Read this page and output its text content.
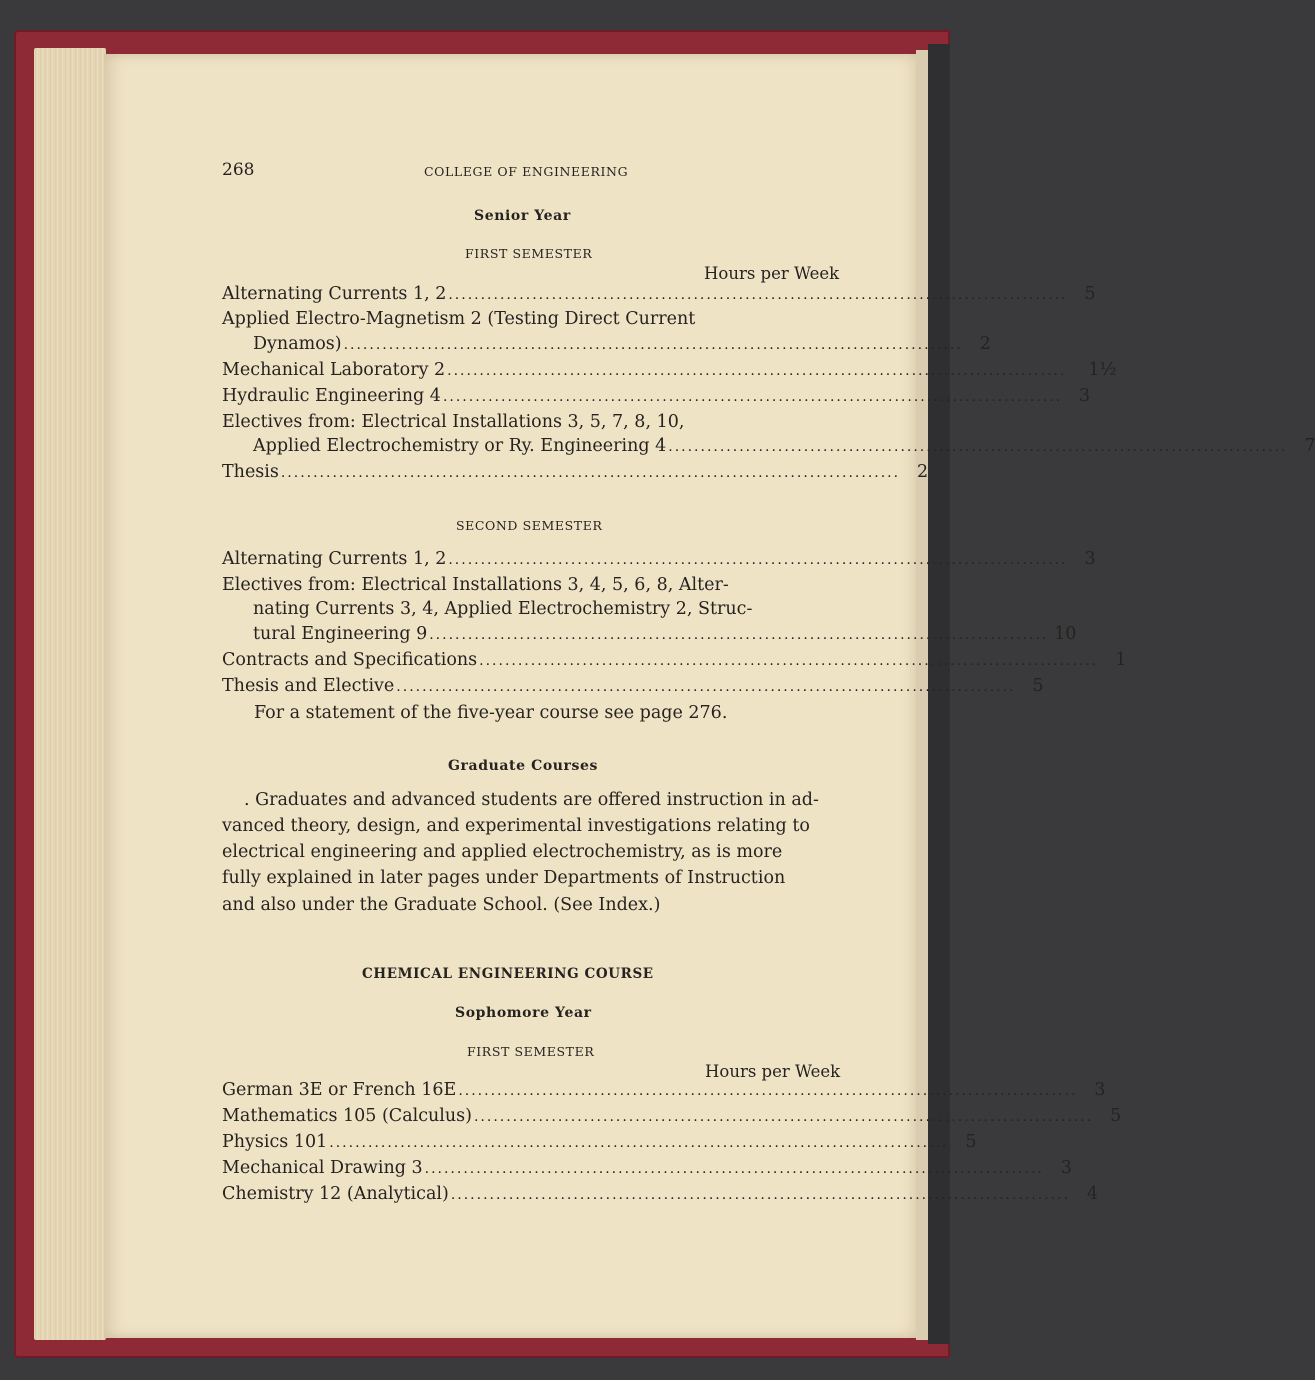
268	COLLEGE OF ENGINEERING
Senior Year
FIRST SEMESTER
Hours per Week
Alternating Currents 1, 2 ................................................................................................ 5
Applied Electro-Magnetism 2 (Testing Direct Current
Dynamos) ................................................................................................ 2
Mechanical Laboratory 2 ................................................................................................	1½
Hydraulic Engineering 4 ................................................................................................ 3
Electives from: Electrical Installations 3, 5, 7, 8, 10,
Applied Electrochemistry or Ry. Engineering 4 ................................................................................................ 7
Thesis ................................................................................................ 2
SECOND SEMESTER
Alternating Currents 1, 2 ................................................................................................ 3
Electives from: Electrical Installations 3, 4, 5, 6, 8, Alter-
nating Currents 3, 4, Applied Electrochemistry 2, Struc-
tural Engineering 9 ................................................................................................ 10
Contracts and Specifications ................................................................................................ 1
Thesis and Elective ................................................................................................ 5
For a statement of the five-year course see page 276.
Graduate Courses
. Graduates and advanced students are offered instruction in ad-
vanced theory, design, and experimental investigations relating to
electrical engineering and applied electrochemistry, as is more
fully explained in later pages under Departments of Instruction
and also under the Graduate School. (See Index.)
CHEMICAL ENGINEERING COURSE
Sophomore Year
FIRST SEMESTER
Hours per Week
German 3E or French 16E ................................................................................................ 3
Mathematics 105 (Calculus) ................................................................................................ 5
Physics 101 ................................................................................................ 5
Mechanical Drawing 3 ................................................................................................ 3
Chemistry 12 (Analytical) ................................................................................................ 4
